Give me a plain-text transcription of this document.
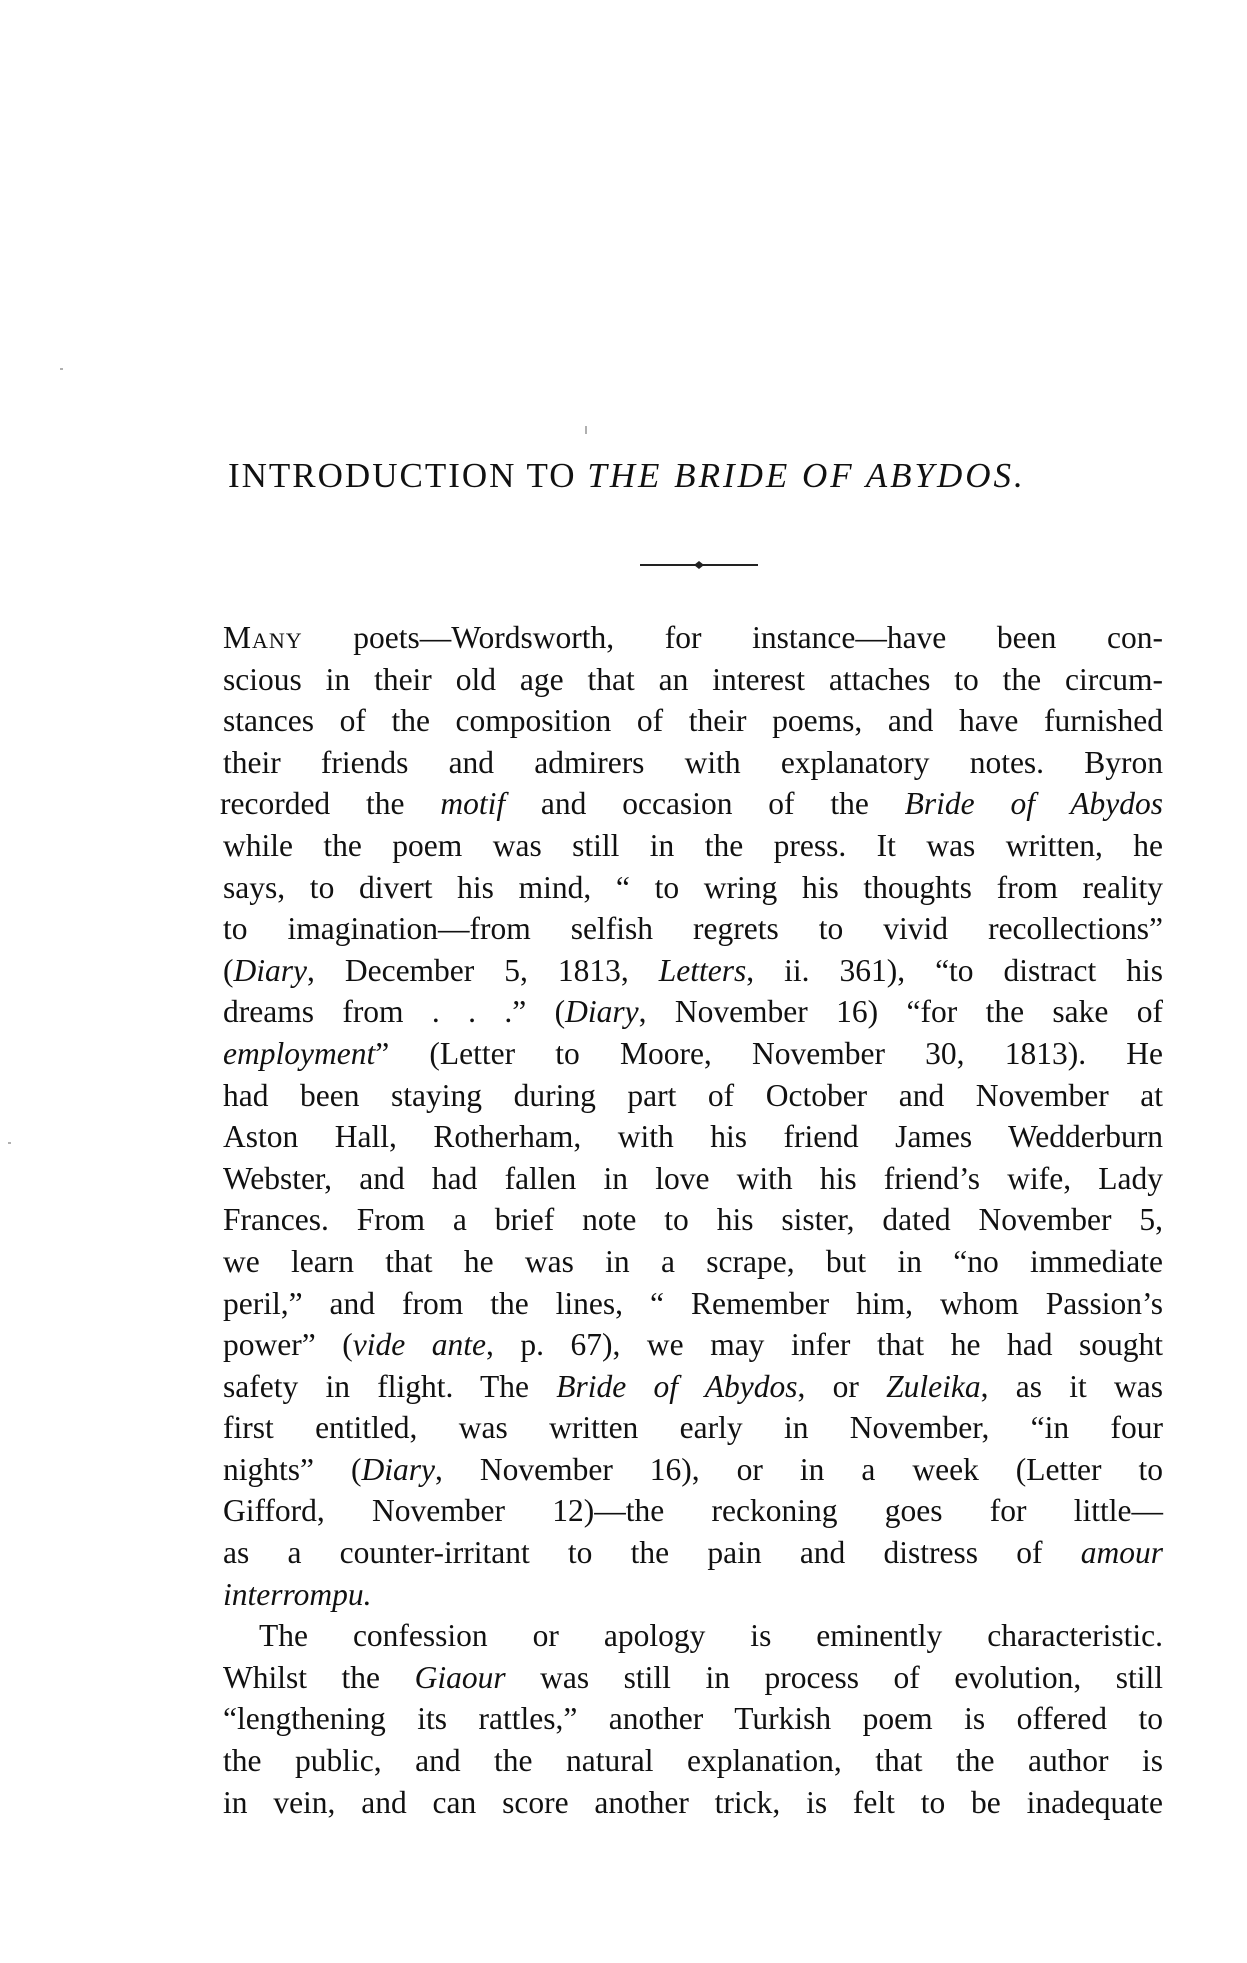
INTRODUCTION TO THE BRIDE OF ABYDOS.
Many poets—Wordsworth, for instance—have been con-
scious in their old age that an interest attaches to the circum-
stances of the composition of their poems, and have furnished
their friends and admirers with explanatory notes. Byron
recorded the motif and occasion of the Bride of Abydos
while the poem was still in the press. It was written, he
says, to divert his mind, “ to wring his thoughts from reality
to imagination—from selfish regrets to vivid recollections”
(Diary, December 5, 1813, Letters, ii. 361), “to distract his
dreams from . . .” (Diary, November 16) “for the sake of
employment” (Letter to Moore, November 30, 1813). He
had been staying during part of October and November at
Aston Hall, Rotherham, with his friend James Wedderburn
Webster, and had fallen in love with his friend’s wife, Lady
Frances. From a brief note to his sister, dated November 5,
we learn that he was in a scrape, but in “no immediate
peril,” and from the lines, “ Remember him, whom Passion’s
power” (vide ante, p. 67), we may infer that he had sought
safety in flight. The Bride of Abydos, or Zuleika, as it was
first entitled, was written early in November, “in four
nights” (Diary, November 16), or in a week (Letter to
Gifford, November 12)—the reckoning goes for little—
as a counter-irritant to the pain and distress of amour
interrompu.
The confession or apology is eminently characteristic.
Whilst the Giaour was still in process of evolution, still
“lengthening its rattles,” another Turkish poem is offered to
the public, and the natural explanation, that the author is
in vein, and can score another trick, is felt to be inadequate
